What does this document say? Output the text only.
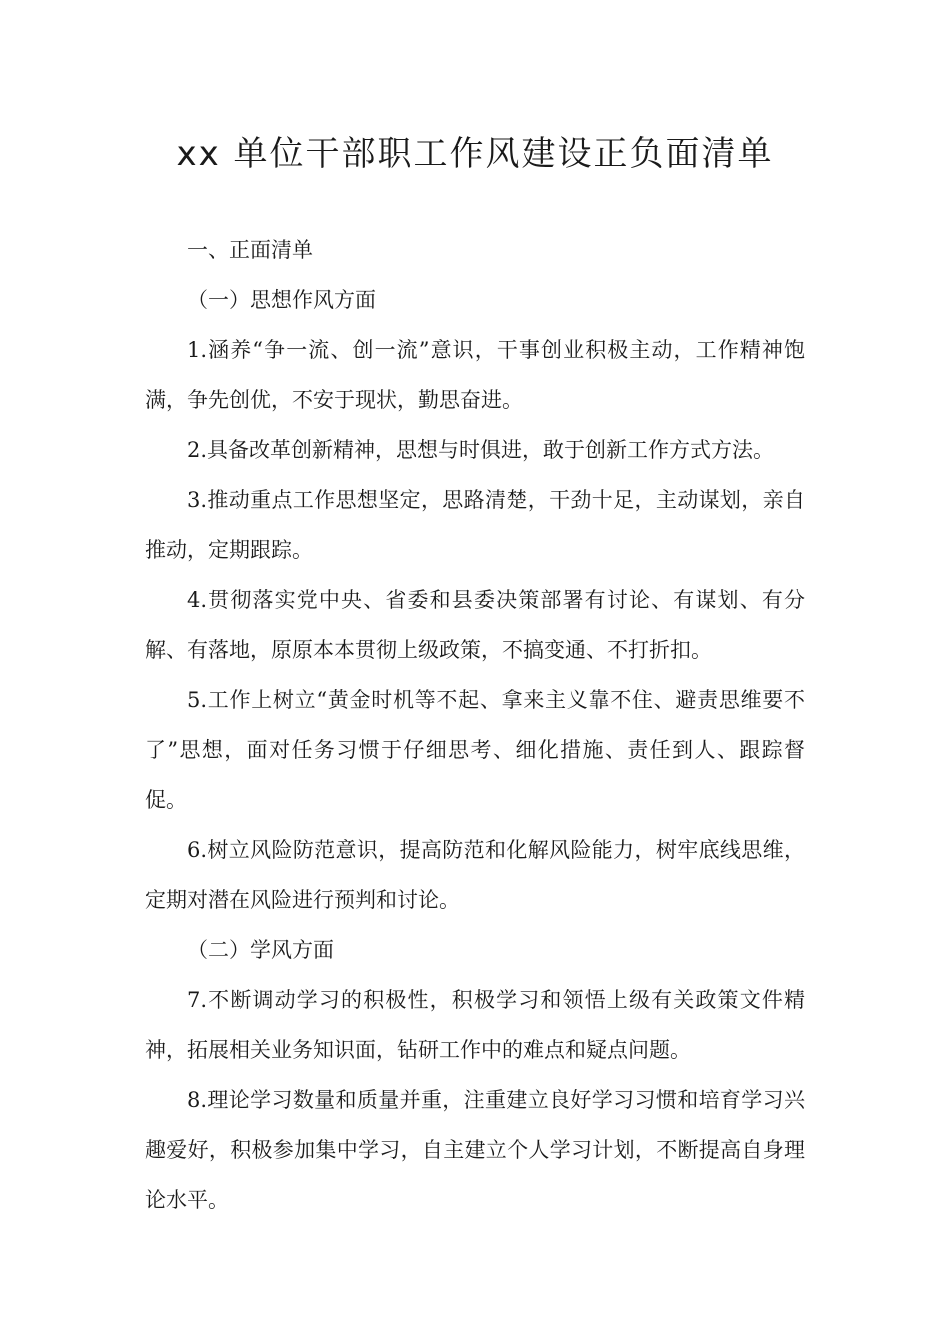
xx 单位干部职工作风建设正负面清单

一、正面清单

（一）思想作风方面

1.涵养“争一流、创一流”意识，干事创业积极主动，工作精神饱满，争先创优，不安于现状，勤思奋进。

2.具备改革创新精神，思想与时俱进，敢于创新工作方式方法。

3.推动重点工作思想坚定，思路清楚，干劲十足，主动谋划，亲自推动，定期跟踪。

4.贯彻落实党中央、省委和县委决策部署有讨论、有谋划、有分解、有落地，原原本本贯彻上级政策，不搞变通、不打折扣。

5.工作上树立“黄金时机等不起、拿来主义靠不住、避责思维要不了”思想，面对任务习惯于仔细思考、细化措施、责任到人、跟踪督促。

6.树立风险防范意识，提高防范和化解风险能力，树牢底线思维，定期对潜在风险进行预判和讨论。

（二）学风方面

7.不断调动学习的积极性，积极学习和领悟上级有关政策文件精神，拓展相关业务知识面，钻研工作中的难点和疑点问题。

8.理论学习数量和质量并重，注重建立良好学习习惯和培育学习兴趣爱好，积极参加集中学习，自主建立个人学习计划，不断提高自身理论水平。
